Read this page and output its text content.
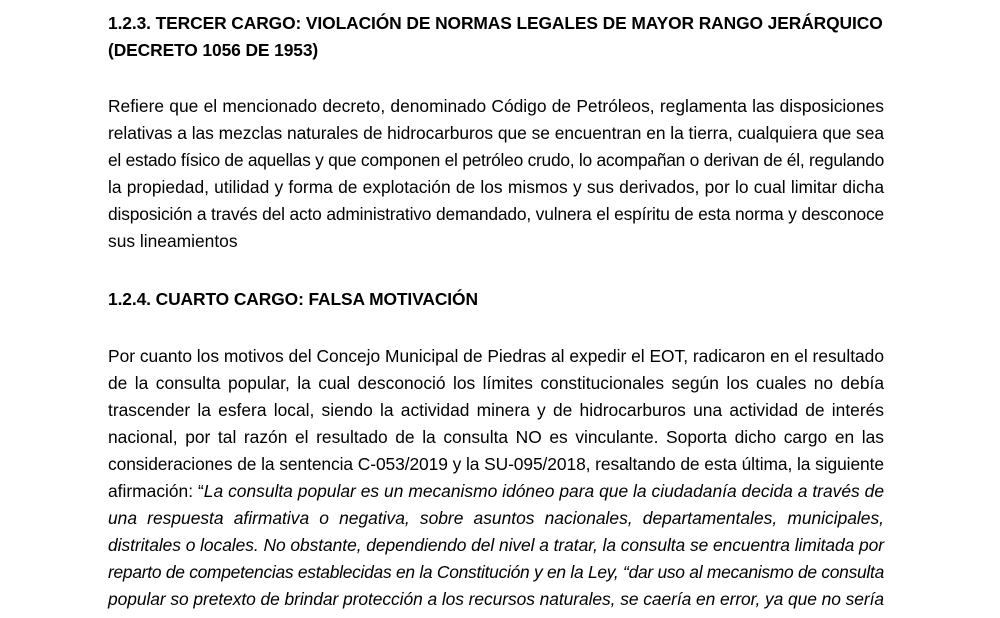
1.2.3. TERCER CARGO: VIOLACIÓN DE NORMAS LEGALES DE MAYOR RANGO JERÁRQUICO

(DECRETO 1056 DE 1953)

Refiere que el mencionado decreto, denominado Código de Petróleos, reglamenta las disposiciones
relativas a las mezclas naturales de hidrocarburos que se encuentran en la tierra, cualquiera que sea
el estado físico de aquellas y que componen el petróleo crudo, lo acompañan o derivan de él, regulando
la propiedad, utilidad y forma de explotación de los mismos y sus derivados, por lo cual limitar dicha
disposición a través del acto administrativo demandado, vulnera el espíritu de esta norma y desconoce
sus lineamientos

1.2.4. CUARTO CARGO: FALSA MOTIVACIÓN

Por cuanto los motivos del Concejo Municipal de Piedras al expedir el EOT, radicaron en el resultado
de la consulta popular, la cual desconoció los límites constitucionales según los cuales no debía
trascender la esfera local, siendo la actividad minera y de hidrocarburos una actividad de interés
nacional, por tal razón el resultado de la consulta NO es vinculante. Soporta dicho cargo en las
consideraciones de la sentencia C-053/2019 y la SU-095/2018, resaltando de esta última, la siguiente
afirmación: “La consulta popular es un mecanismo idóneo para que la ciudadanía decida a través de
una respuesta afirmativa o negativa, sobre asuntos nacionales, departamentales, municipales,
distritales o locales. No obstante, dependiendo del nivel a tratar, la consulta se encuentra limitada por
reparto de competencias establecidas en la Constitución y en la Ley, “dar uso al mecanismo de consulta
popular so pretexto de brindar protección a los recursos naturales, se caería en error, ya que no sería
